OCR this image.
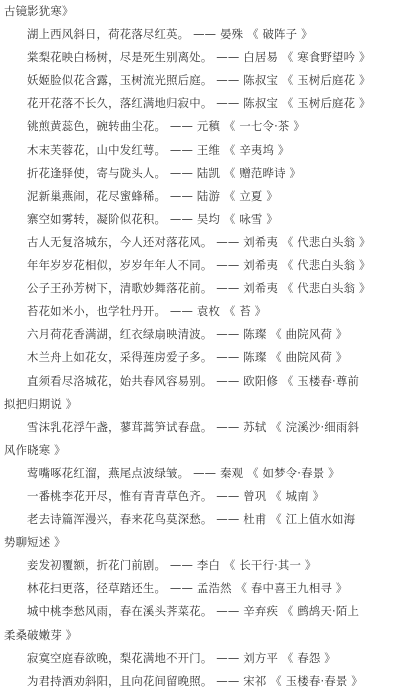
古镜影犹寒》
湖上西风斜日，荷花落尽红英。 —— 晏殊 《 破阵子 》
棠梨花映白杨树，尽是死生别离处。 —— 白居易 《 寒食野望吟 》
妖姬脸似花含露，玉树流光照后庭。 —— 陈叔宝 《 玉树后庭花 》
花开花落不长久，落红满地归寂中。 —— 陈叔宝 《 玉树后庭花 》
铫煎黄蕊色，碗转曲尘花。 —— 元稹 《 一七令·茶 》
木末芙蓉花，山中发红萼。 —— 王维 《 辛夷坞 》
折花逢驿使，寄与陇头人。 —— 陆凯 《 赠范晔诗 》
泥新巢燕闹，花尽蜜蜂稀。 —— 陆游 《 立夏 》
寨空如雾转，凝阶似花积。 —— 吴均 《 咏雪 》
古人无复洛城东，今人还对落花风。 —— 刘希夷 《 代悲白头翁 》
年年岁岁花相似，岁岁年年人不同。 —— 刘希夷 《 代悲白头翁 》
公子王孙芳树下，清歌妙舞落花前。 —— 刘希夷 《 代悲白头翁 》
苔花如米小，也学牡丹开。 —— 袁枚 《 苔 》
六月荷花香满湖，红衣绿扇映清波。 —— 陈璨 《 曲院风荷 》
木兰舟上如花女，采得莲房爱子多。 —— 陈璨 《 曲院风荷 》
直须看尽洛城花，始共春风容易别。 —— 欧阳修 《 玉楼春·尊前
拟把归期说 》
雪沫乳花浮午盏，蓼茸蒿笋试春盘。 —— 苏轼 《 浣溪沙·细雨斜
风作晓寒 》
莺嘴啄花红溜，燕尾点波绿皱。 —— 秦观 《 如梦令·春景 》
一番桃李花开尽，惟有青青草色齐。 —— 曾巩 《 城南 》
老去诗篇浑漫兴，春来花鸟莫深愁。 —— 杜甫 《 江上值水如海
势聊短述 》
妾发初覆额，折花门前剧。 —— 李白 《 长干行·其一 》
林花扫更落，径草踏还生。 —— 孟浩然 《 春中喜王九相寻 》
城中桃李愁风雨，春在溪头荠菜花。 —— 辛弃疾 《 鹧鸪天·陌上
柔桑破嫩芽 》
寂寞空庭春欲晚，梨花满地不开门。 —— 刘方平 《 春怨 》
为君持酒劝斜阳，且向花间留晚照。 —— 宋祁 《 玉楼春·春景 》
